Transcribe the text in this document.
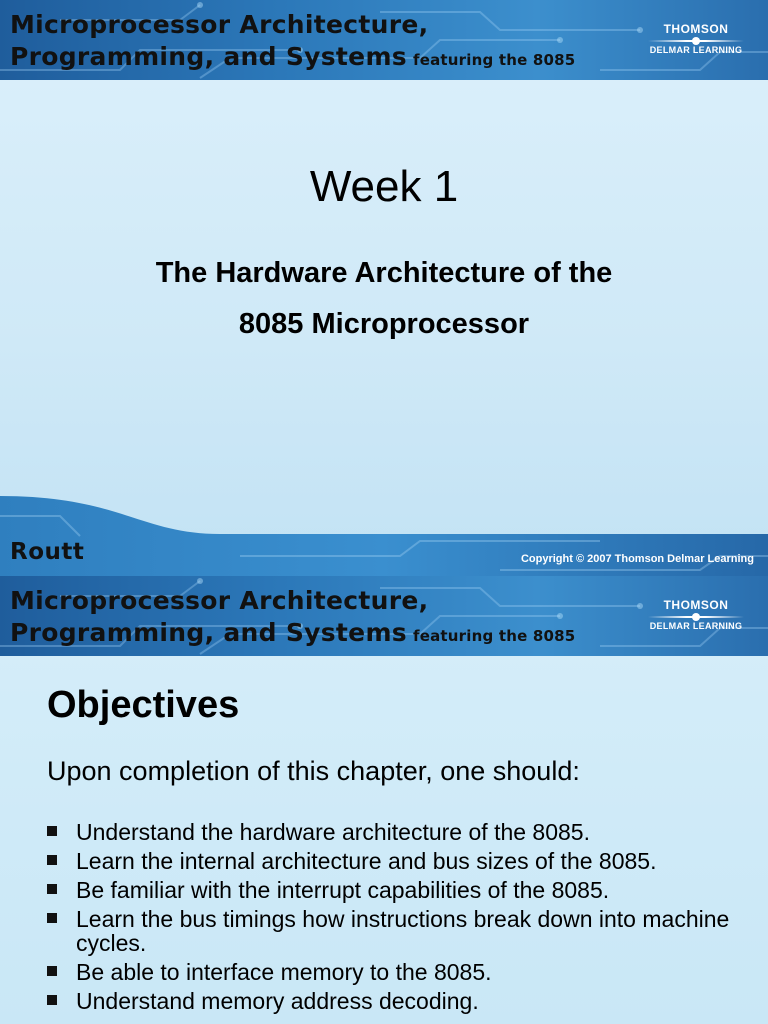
Microprocessor Architecture,
Programming, and Systems featuring the 8085
THOMSON
DELMAR LEARNING
Week 1
The Hardware Architecture of the
8085 Microprocessor
Routt	Copyright © 2007 Thomson Delmar Learning
Microprocessor Architecture,
Programming, and Systems featuring the 8085
THOMSON
DELMAR LEARNING
Objectives
Upon completion of this chapter, one should:
Understand the hardware architecture of the 8085.
Learn the internal architecture and bus sizes of the 8085.
Be familiar with the interrupt capabilities of the 8085.
Learn the bus timings how instructions break down into machine cycles.
Be able to interface memory to the 8085.
Understand memory address decoding.
